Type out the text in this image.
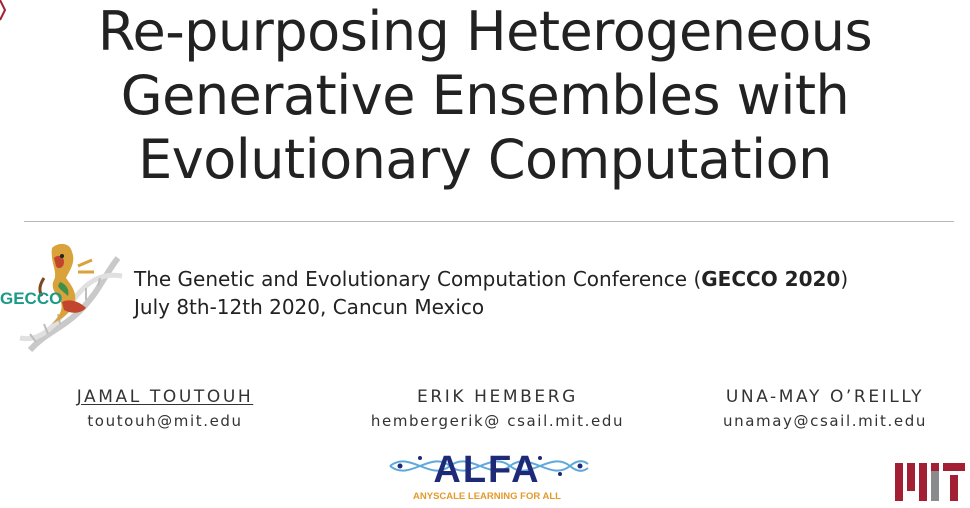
Re-purposing Heterogeneous
Generative Ensembles with
Evolutionary Computation
GECCO
The Genetic and Evolutionary Computation Conference (GECCO 2020)
July 8th-12th 2020, Cancun Mexico
JAMAL TOUTOUH
toutouh@mit.edu
ERIK HEMBERG
hembergerik@ csail.mit.edu
UNA-MAY O’REILLY
unamay@csail.mit.edu
ALFA
ANYSCALE LEARNING FOR ALL
